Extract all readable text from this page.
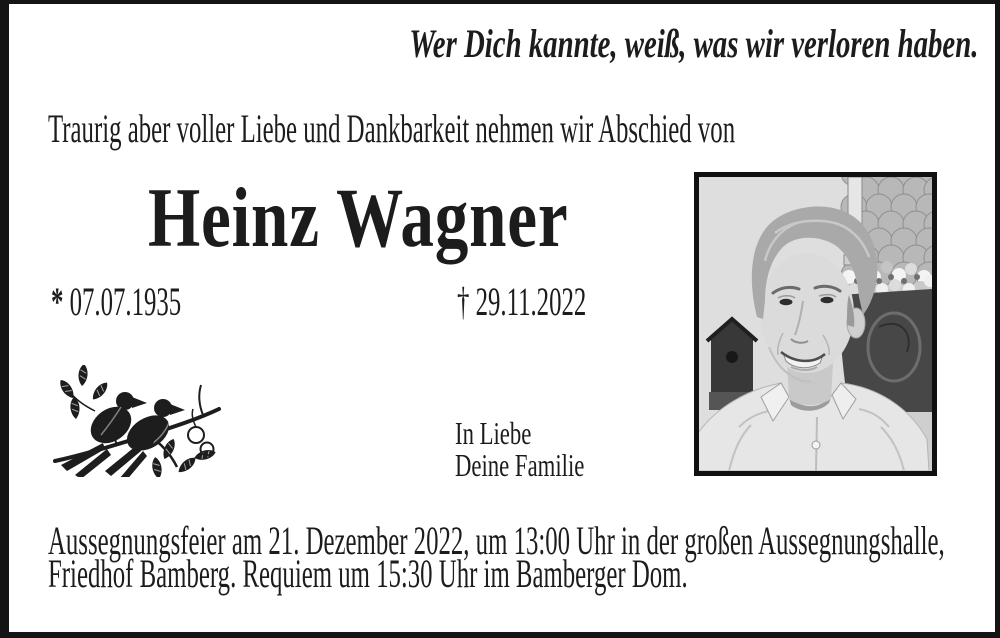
Wer Dich kannte, weiß, was wir verloren haben.
Traurig aber voller Liebe und Dankbarkeit nehmen wir Abschied von
Heinz Wagner
* 07.07.1935	† 29.11.2022
In Liebe
Deine Familie
Aussegnungsfeier am 21. Dezember 2022, um 13:00 Uhr in der großen Aussegnungshalle,
Friedhof Bamberg. Requiem um 15:30 Uhr im Bamberger Dom.
